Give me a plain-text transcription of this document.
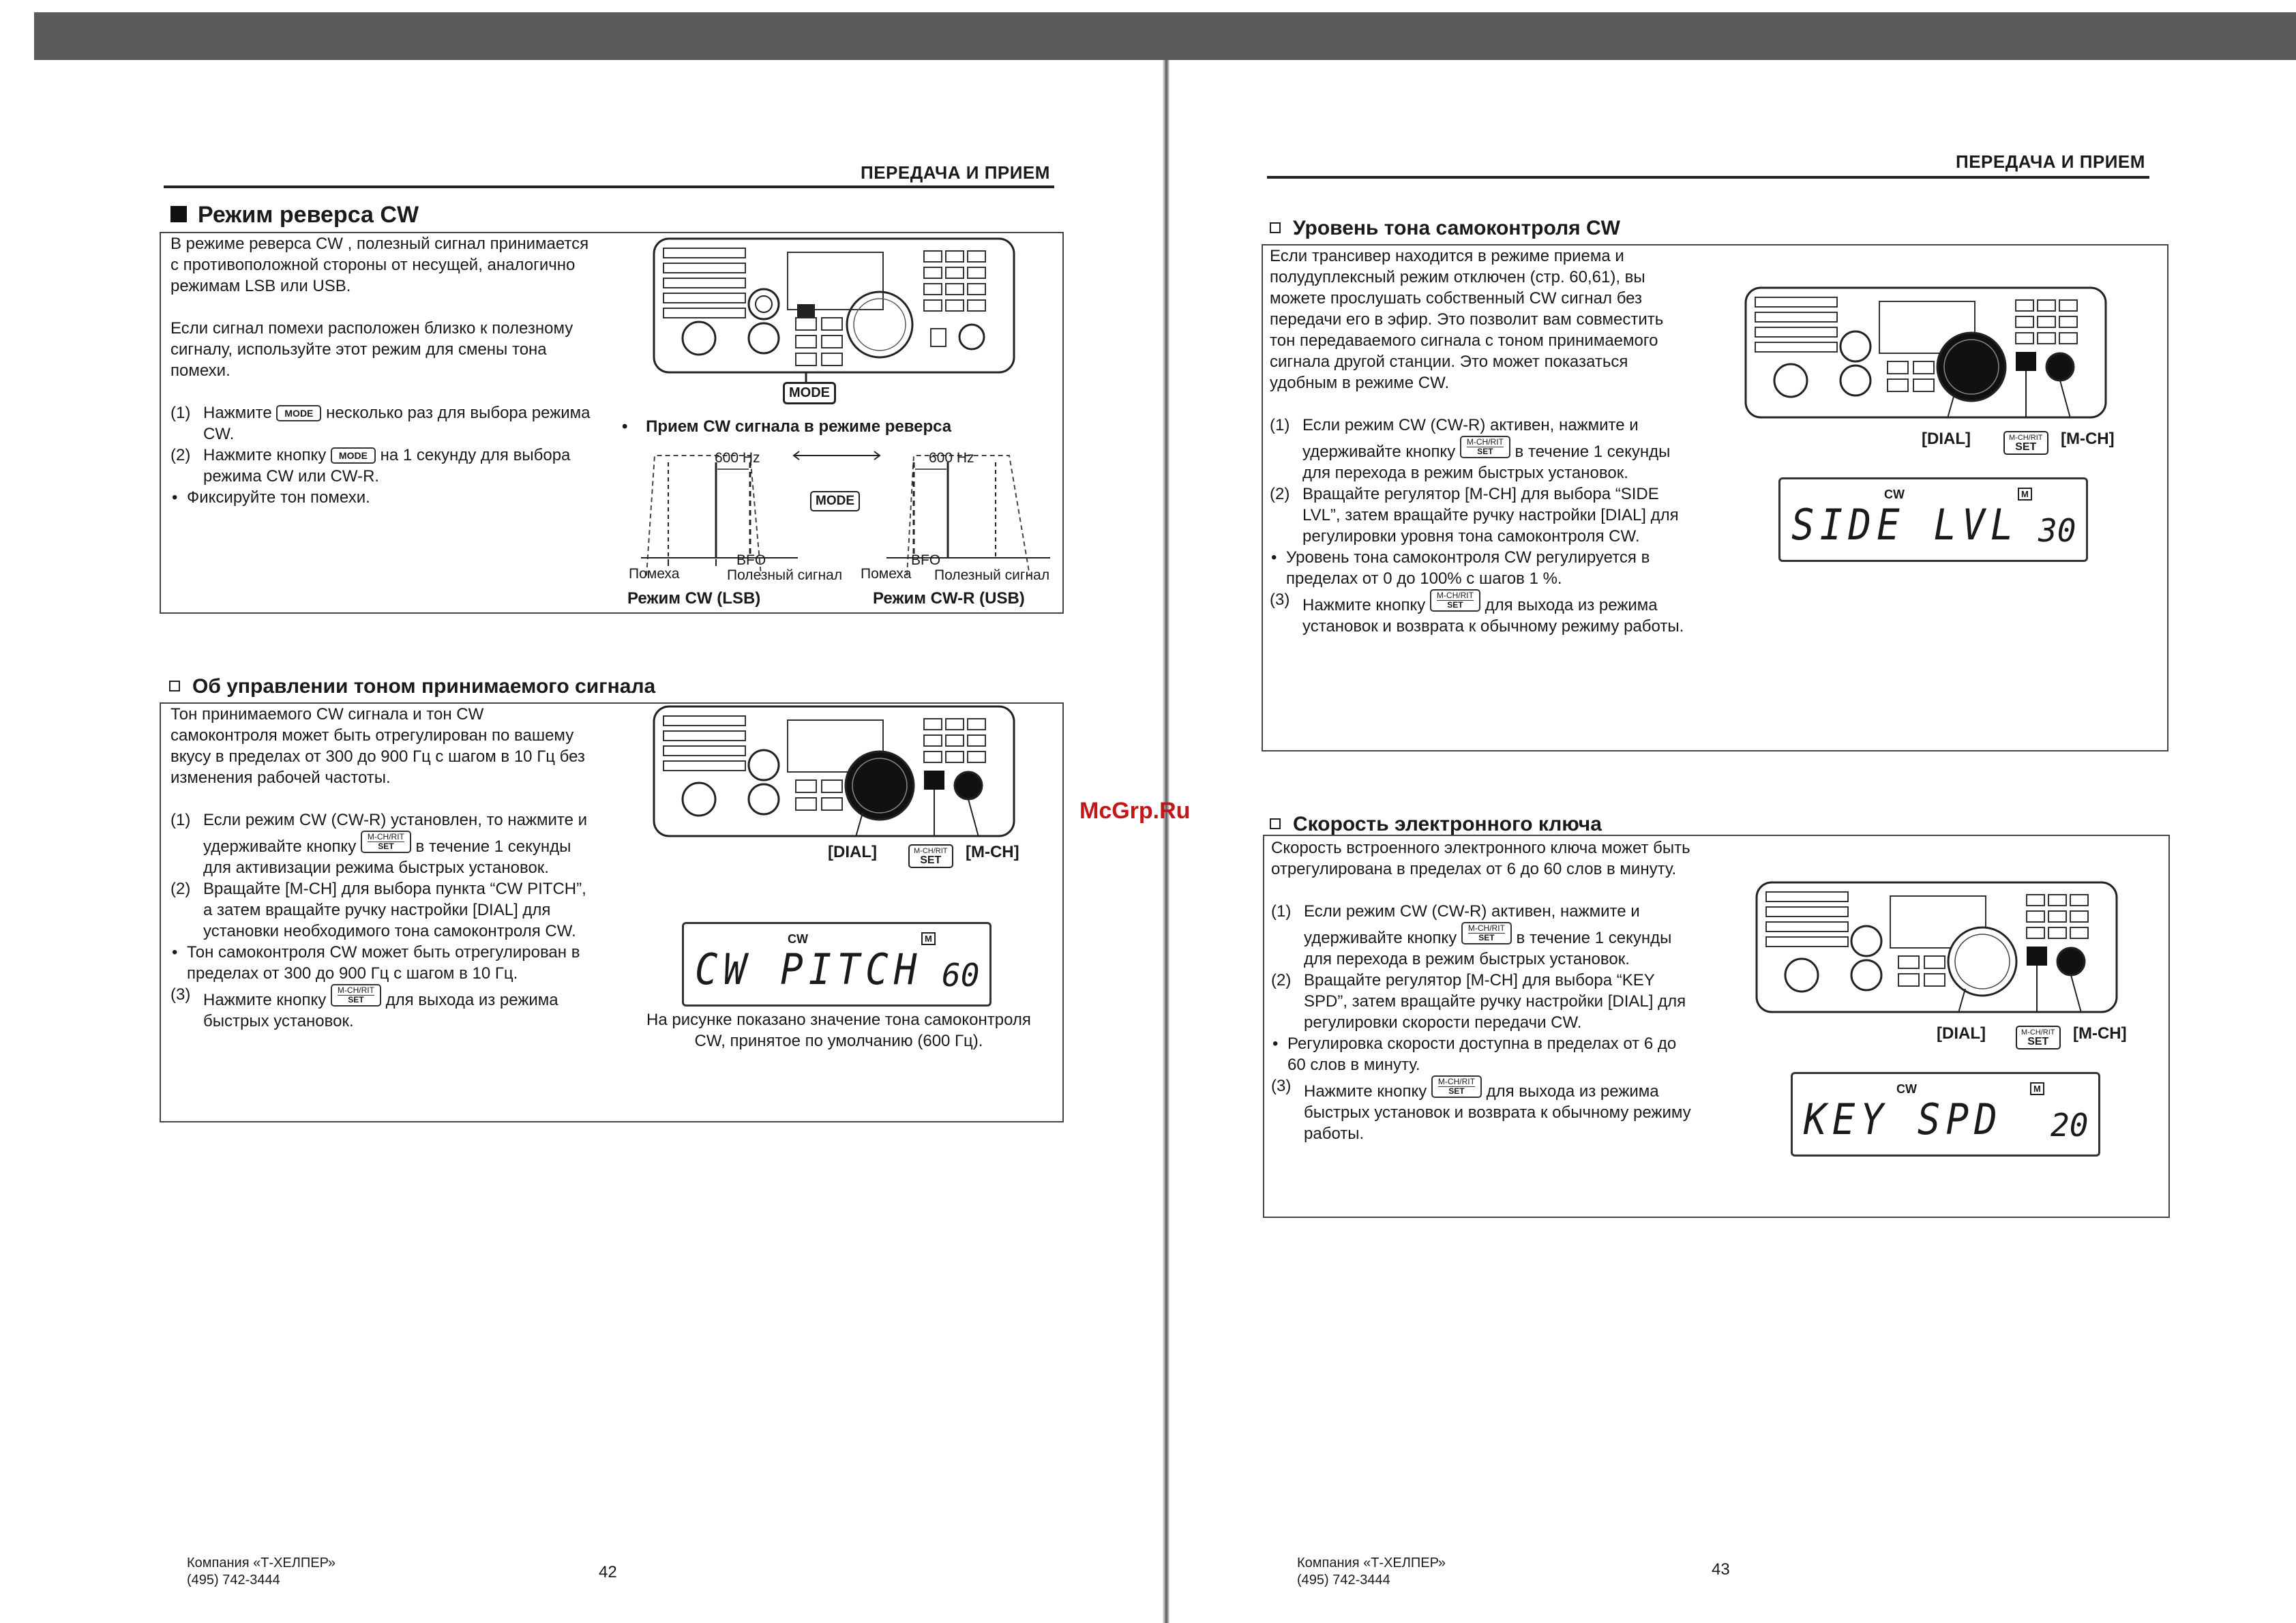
ПЕРЕДАЧА И ПРИЕМ
Режим реверса CW

В режиме реверса CW , полезный сигнал принимается с противоположной стороны от несущей, аналогично режимам LSB или USB.

Если сигнал помехи расположен близко к полезному сигналу, используйте этот режим для смены тона помехи.

(1) Нажмите MODE несколько раз для выбора режима CW.

(2) Нажмите кнопку MODE на 1 секунду для выбора режима CW или CW-R.

• Фиксируйте тон помехи.

MODE
•    Прием CW сигнала в режиме реверса
600 Hz	600 Hz
MODE
BFO
Помеха	Полезный сигнал
BFO
Помеха Полезный сигнал
Режим CW (LSB)	Режим CW-R (USB)
Об управлении тоном принимаемого сигнала

Тон принимаемого CW сигнала и тон CW самоконтроля может быть отрегулирован по вашему вкусу в пределах от 300 до 900 Гц с шагом в 10 Гц без изменения рабочей частоты.

(1) Если режим CW (CW-R) установлен, то нажмите и удерживайте кнопку M-CH/RIT
SET	в течение 1 секунды для активизации режима быстрых установок.

(2) Вращайте [M-CH] для выбора пункта “CW PITCH”, а затем вращайте ручку настройки [DIAL] для установки необходимого тона самоконтроля CW.

• Тон самоконтроля CW может быть отрегулирован в пределах от 300 до 900 Гц с шагом в 10 Гц.

(3) Нажмите кнопку M-CH/RIT
SET	для выхода из режима быстрых установок.

[DIAL]	M-CH/RIT
SET	[M-CH]
CW	M
CW PITCH 60
На рисунке показано значение тона самоконтроля CW, принятое по умолчанию (600 Гц).
Компания «Т-ХЕЛПЕР»
(495) 742-3444	42
ПЕРЕДАЧА И ПРИЕМ
Уровень тона самоконтроля CW

Если трансивер находится в режиме приема и полудуплексный режим отключен (стр. 60,61), вы можете прослушать собственный CW сигнал без передачи его в эфир. Это позволит вам совместить тон передаваемого сигнала с тоном принимаемого сигнала другой станции. Это может показаться удобным в режиме CW.

(1) Если режим CW (CW-R) активен, нажмите и удерживайте кнопку M-CH/RIT
SET	в течение 1 секунды для перехода в режим быстрых установок.

(2) Вращайте регулятор [M-CH] для выбора “SIDE LVL”, затем вращайте ручку настройки [DIAL] для регулировки уровня тона самоконтроля CW.

• Уровень тона самоконтроля CW регулируется в пределах от 0 до 100% с шагов 1 %.

(3) Нажмите кнопку M-CH/RIT
SET	для выхода из режима установок и возврата к обычному режиму работы.

[DIAL]	M-CH/RIT
SET	[M-CH]
CW	M
SIDE LVL 30
Скорость электронного ключа

Скорость встроенного электронного ключа может быть отрегулирована в пределах от 6 до 60 слов в минуту.

(1) Если режим CW (CW-R) активен, нажмите и удерживайте кнопку M-CH/RIT
SET	в течение 1 секунды для перехода в режим быстрых установок.

(2) Вращайте регулятор [M-CH] для выбора “KEY SPD”, затем вращайте ручку настройки [DIAL] для регулировки скорости передачи CW.

• Регулировка скорости доступна в пределах от 6 до 60 слов в минуту.

(3) Нажмите кнопку M-CH/RIT
SET	для выхода из режима быстрых установок и возврата к обычному режиму работы.

[DIAL]	M-CH/RIT
SET	[M-CH]
CW	M
KEY SPD 20
Компания «Т-ХЕЛПЕР»
(495) 742-3444
43
McGrp.Ru
